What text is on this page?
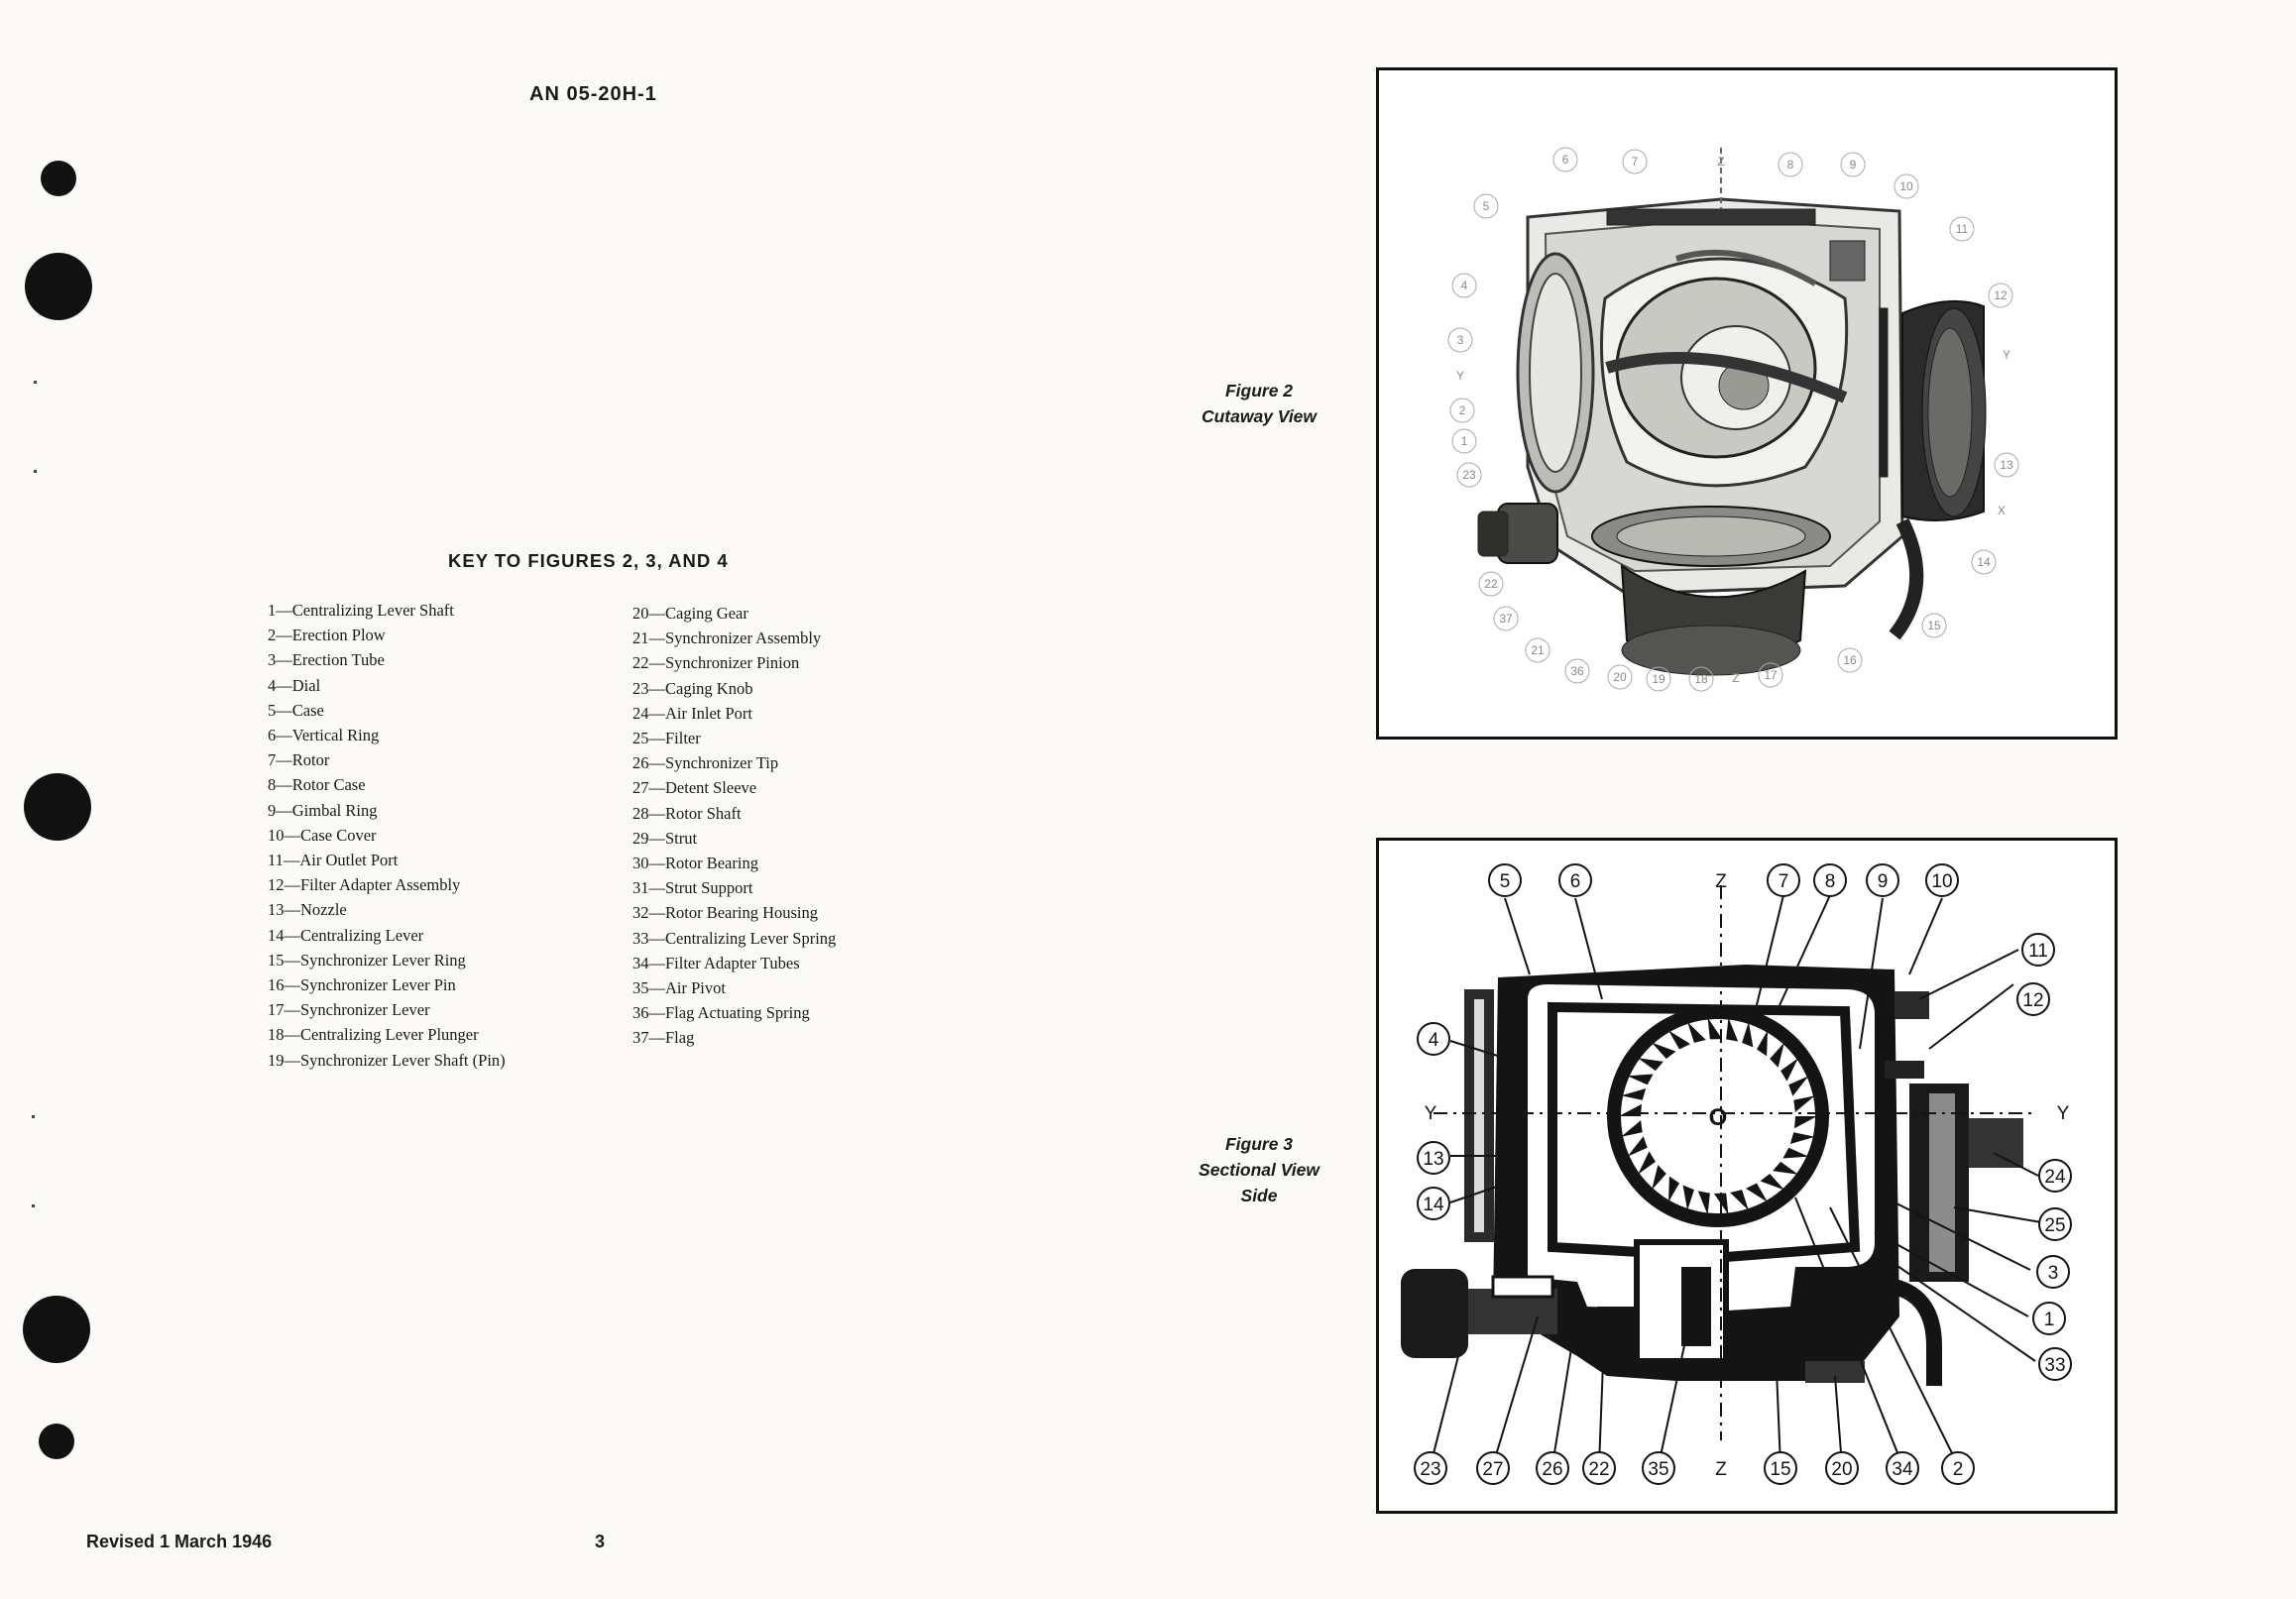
AN 05-20H-1
KEY TO FIGURES 2, 3, AND 4
1—Centralizing Lever Shaft
2—Erection Plow
3—Erection Tube
4—Dial
5—Case
6—Vertical Ring
7—Rotor
8—Rotor Case
9—Gimbal Ring
10—Case Cover
11—Air Outlet Port
12—Filter Adapter Assembly
13—Nozzle
14—Centralizing Lever
15—Synchronizer Lever Ring
16—Synchronizer Lever Pin
17—Synchronizer Lever
18—Centralizing Lever Plunger
19—Synchronizer Lever Shaft (Pin)
20—Caging Gear
21—Synchronizer Assembly
22—Synchronizer Pinion
23—Caging Knob
24—Air Inlet Port
25—Filter
26—Synchronizer Tip
27—Detent Sleeve
28—Rotor Shaft
29—Strut
30—Rotor Bearing
31—Strut Support
32—Rotor Bearing Housing
33—Centralizing Lever Spring
34—Filter Adapter Tubes
35—Air Pivot
36—Flag Actuating Spring
37—Flag
Figure 2
Cutaway View
Figure 3
Sectional View
Side
6	7	Z	8	9
10
5
11
4
12
3
Y
Y
2
13
1
X
23
14
22
37	15
21
16
36 20 19 18 Z 17
O
5	6	Z	7 8 9 10
11
12
4
Y	Y
13
24
14
25
3
1
33
23 27 26 22 35 Z 15 20 34 2
Revised 1 March 1946	3
